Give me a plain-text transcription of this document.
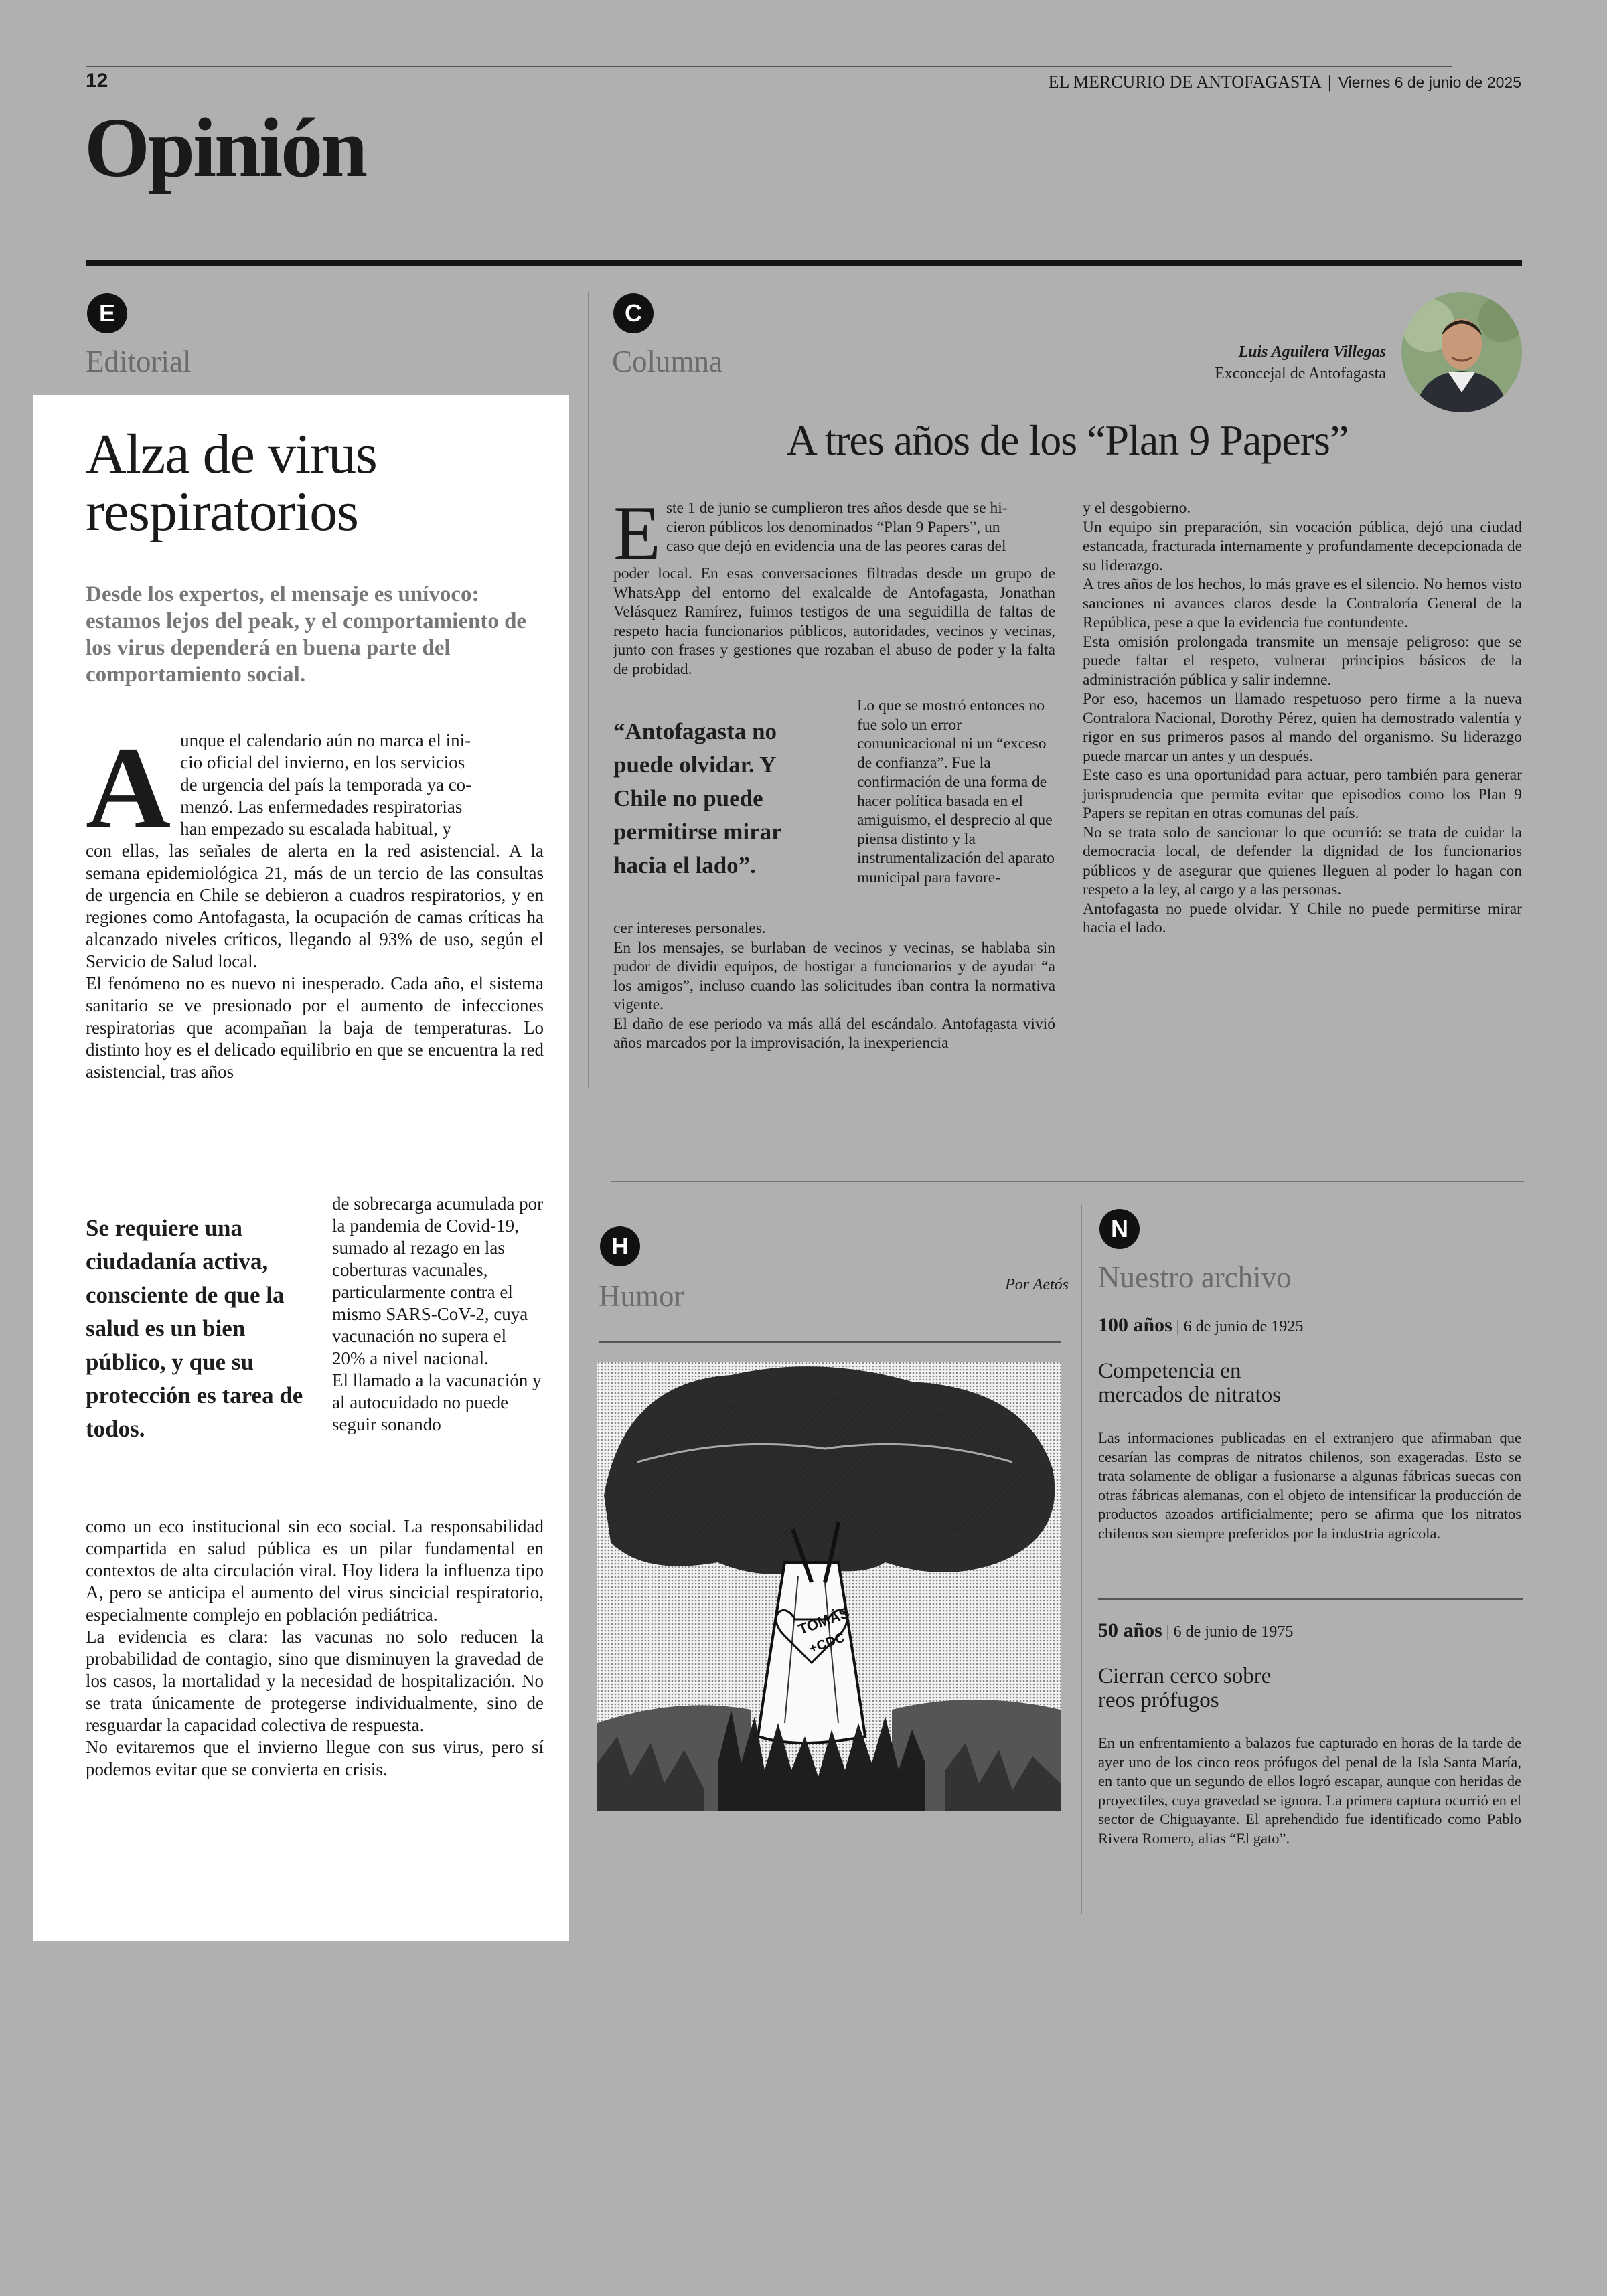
12	EL MERCURIO DE ANTOFAGASTA | Viernes 6 de junio de 2025
Opinión
E
Editorial
Alza de virus
respiratorios
Desde los expertos, el mensaje es unívoco: estamos lejos del peak, y el comportamiento de los virus dependerá en buena parte del comportamiento social.
A unque el calendario aún no marca el ini-
cio oficial del invierno, en los servicios
de urgencia del país la temporada ya co-
menzó. Las enfermedades respiratorias
han empezado su escalada habitual, y

con ellas, las señales de alerta en la red asistencial. A la semana epidemiológica 21, más de un tercio de las consultas de urgencia en Chile se debieron a cuadros respiratorios, y en regiones como Antofagasta, la ocupación de camas críticas ha alcanzado niveles críticos, llegando al 93% de uso, según el Servicio de Salud local.

El fenómeno no es nuevo ni inesperado. Cada año, el sistema sanitario se ve presionado por el aumento de infecciones respiratorias que acompañan la baja de temperaturas. Lo distinto hoy es el delicado equilibrio en que se encuentra la red asistencial, tras años

Se requiere una ciudadanía activa, consciente de que la salud es un bien público, y que su protección es tarea de todos.

de sobrecarga acumulada por la pandemia de Covid-19, sumado al rezago en las coberturas vacunales, particularmente contra el mismo SARS-CoV-2, cuya vacunación no supera el 20% a nivel nacional.

El llamado a la vacunación y al autocuidado no puede seguir sonando

como un eco institucional sin eco social. La responsabilidad compartida en salud pública es un pilar fundamental en contextos de alta circulación viral. Hoy lidera la influenza tipo A, pero se anticipa el aumento del virus sincicial respiratorio, especialmente complejo en población pediátrica.

La evidencia es clara: las vacunas no solo reducen la probabilidad de contagio, sino que disminuyen la gravedad de los casos, la mortalidad y la necesidad de hospitalización. No se trata únicamente de protegerse individualmente, sino de resguardar la capacidad colectiva de respuesta.

No evitaremos que el invierno llegue con sus virus, pero sí podemos evitar que se convierta en crisis.

C
Columna	Luis Aguilera Villegas
Exconcejal de Antofagasta
A tres años de los “Plan 9 Papers”
E ste 1 de junio se cumplieron tres años desde que se hi-
cieron públicos los denominados “Plan 9 Papers”, un
caso que dejó en evidencia una de las peores caras del

poder local. En esas conversaciones filtradas desde un grupo de WhatsApp del entorno del exalcalde de Antofagasta, Jonathan Velásquez Ramírez, fuimos testigos de una seguidilla de faltas de respeto hacia funcionarios públicos, autoridades, vecinos y vecinas, junto con frases y gestiones que rozaban el abuso de poder y la falta de probidad.

“Antofagasta no puede olvidar. Y Chile no puede permitirse mirar hacia el lado”.

Lo que se mostró entonces no fue solo un error comunicacional ni un “exceso de confianza”. Fue la confirmación de una forma de hacer política basada en el amiguismo, el desprecio al que piensa distinto y la instrumentalización del aparato municipal para favore-

cer intereses personales.

En los mensajes, se burlaban de vecinos y vecinas, se hablaba sin pudor de dividir equipos, de hostigar a funcionarios y de ayudar “a los amigos”, incluso cuando las solicitudes iban contra la normativa vigente.

El daño de ese periodo va más allá del escándalo. Antofagasta vivió años marcados por la improvisación, la inexperiencia

y el desgobierno.

Un equipo sin preparación, sin vocación pública, dejó una ciudad estancada, fracturada internamente y profundamente decepcionada de su liderazgo.

A tres años de los hechos, lo más grave es el silencio. No hemos visto sanciones ni avances claros desde la Contraloría General de la República, pese a que la evidencia fue contundente.

Esta omisión prolongada transmite un mensaje peligroso: que se puede faltar el respeto, vulnerar principios básicos de la administración pública y salir indemne.

Por eso, hacemos un llamado respetuoso pero firme a la nueva Contralora Nacional, Dorothy Pérez, quien ha demostrado valentía y rigor en sus primeros pasos al mando del organismo. Su liderazgo puede marcar un antes y un después.

Este caso es una oportunidad para actuar, pero también para generar jurisprudencia que permita evitar que episodios como los Plan 9 Papers se repitan en otras comunas del país.

No se trata solo de sancionar lo que ocurrió: se trata de cuidar la democracia local, de defender la dignidad de los funcionarios públicos y de asegurar que quienes lleguen al poder lo hagan con respeto a la ley, al cargo y a las personas.

Antofagasta no puede olvidar. Y Chile no puede permitirse mirar hacia el lado.

H
Humor	Por Aetós
TOMÁS
+CDC
N
Nuestro archivo
100 años | 6 de junio de 1925
Competencia en mercados de nitratos
Las informaciones publicadas en el extranjero que afirmaban que cesarían las compras de nitratos chilenos, son exageradas. Esto se trata solamente de obligar a fusionarse a algunas fábricas suecas con otras fábricas alemanas, con el objeto de intensificar la producción de productos azoados artificialmente; pero se afirma que los nitratos chilenos son siempre preferidos por la industria agrícola.
50 años | 6 de junio de 1975
Cierran cerco sobre reos prófugos
En un enfrentamiento a balazos fue capturado en horas de la tarde de ayer uno de los cinco reos prófugos del penal de la Isla Santa María, en tanto que un segundo de ellos logró escapar, aunque con heridas de proyectiles, cuya gravedad se ignora. La primera captura ocurrió en el sector de Chiguayante. El aprehendido fue identificado como Pablo Rivera Romero, alias “El gato”.
